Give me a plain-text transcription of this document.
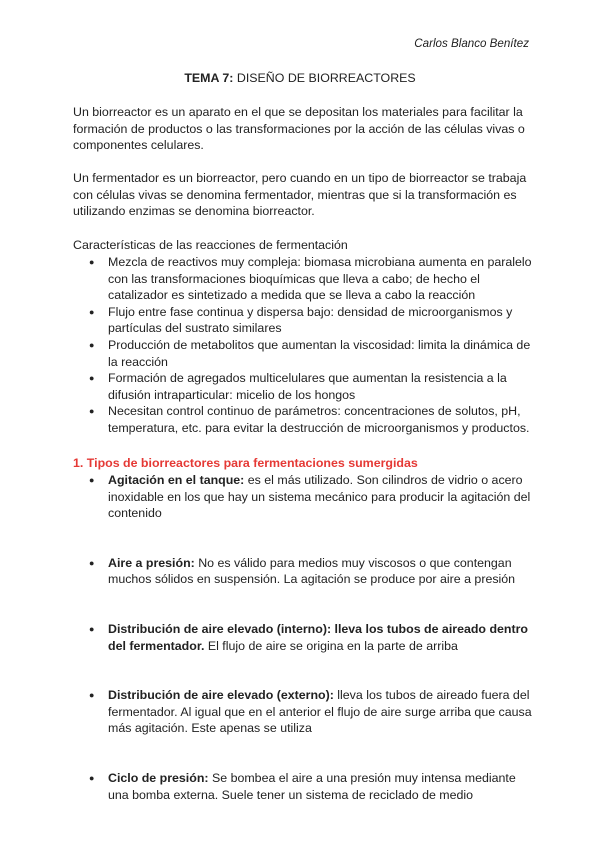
Carlos Blanco Benítez
TEMA 7: DISEÑO DE BIORREACTORES
Un biorreactor es un aparato en el que se depositan los materiales para facilitar la formación de productos o las transformaciones por la acción de las células vivas o componentes celulares.
Un fermentador es un biorreactor, pero cuando en un tipo de biorreactor se trabaja con células vivas se denomina fermentador, mientras que si la transformación es utilizando enzimas se denomina biorreactor.
Características de las reacciones de fermentación
● Mezcla de reactivos muy compleja: biomasa microbiana aumenta en paralelo con las transformaciones bioquímicas que lleva a cabo; de hecho el catalizador es sintetizado a medida que se lleva a cabo la reacción
● Flujo entre fase continua y dispersa bajo: densidad de microorganismos y partículas del sustrato similares
● Producción de metabolitos que aumentan la viscosidad: limita la dinámica de la reacción
● Formación de agregados multicelulares que aumentan la resistencia a la difusión intraparticular: micelio de los hongos
● Necesitan control continuo de parámetros: concentraciones de solutos, pH, temperatura, etc. para evitar la destrucción de microorganismos y productos.
1. Tipos de biorreactores para fermentaciones sumergidas
● Agitación en el tanque: es el más utilizado. Son cilindros de vidrio o acero inoxidable en los que hay un sistema mecánico para producir la agitación del contenido
● Aire a presión: No es válido para medios muy viscosos o que contengan muchos sólidos en suspensión. La agitación se produce por aire a presión
● Distribución de aire elevado (interno): lleva los tubos de aireado dentro del fermentador. El flujo de aire se origina en la parte de arriba
● Distribución de aire elevado (externo): lleva los tubos de aireado fuera del fermentador. Al igual que en el anterior el flujo de aire surge arriba que causa más agitación. Este apenas se utiliza
● Ciclo de presión: Se bombea el aire a una presión muy intensa mediante una bomba externa. Suele tener un sistema de reciclado de medio
